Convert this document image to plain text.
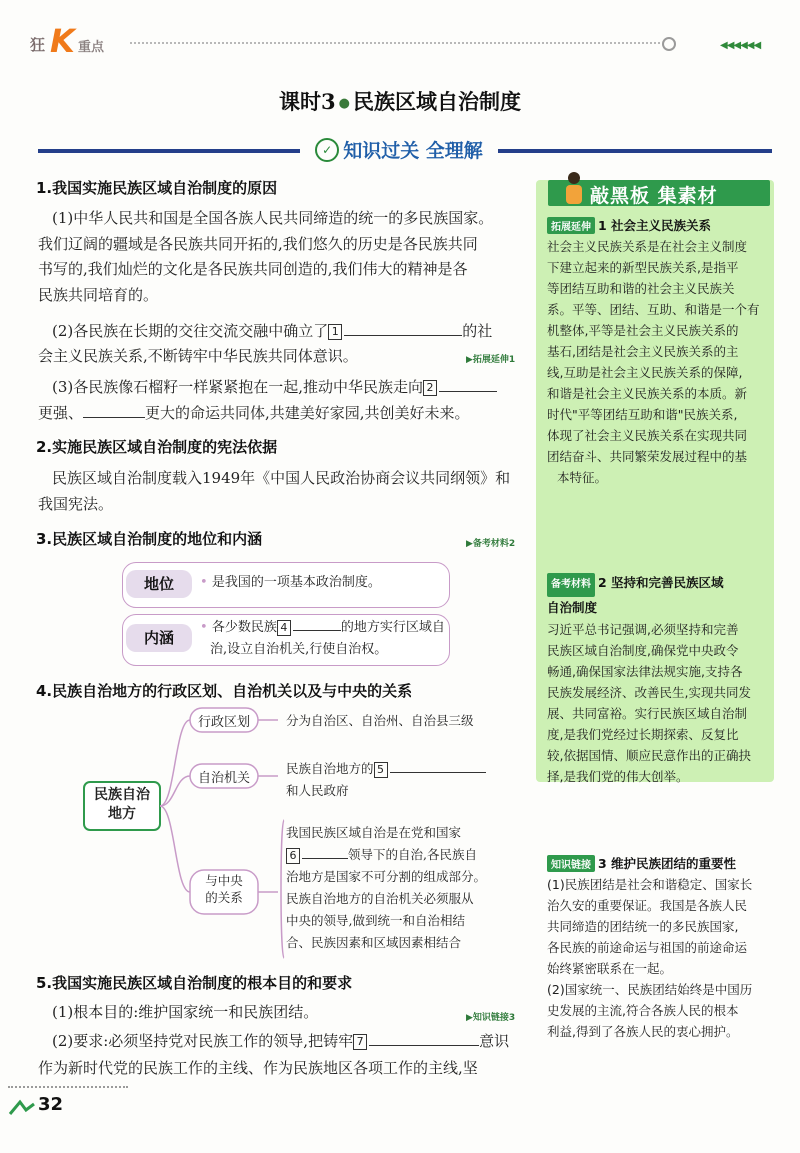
狂 K 重点	◀◀◀◀◀◀
课时3 ● 民族区域自治制度
✓ 知识过关 全理解
1.我国实施民族区域自治制度的原因
(1)中华人民共和国是全国各族人民共同缔造的统一的多民族国家。
我们辽阔的疆域是各民族共同开拓的,我们悠久的历史是各民族共同
书写的,我们灿烂的文化是各民族共同创造的,我们伟大的精神是各
民族共同培育的。
(2)各民族在长期的交往交流交融中确立了 1	的社
会主义民族关系,不断铸牢中华民族共同体意识。	▶拓展延伸1
(3)各民族像石榴籽一样紧紧抱在一起,推动中华民族走向 2
更强、	更大的命运共同体,共建美好家园,共创美好未来。
2.实施民族区域自治制度的宪法依据
民族区域自治制度载入1949年《中国人民政治协商会议共同纲领》和
我国宪法。
3.民族区域自治制度的地位和内涵	▶备考材料2
地位	• 是我国的一项基本政治制度。
内涵
• 各少数民族 4	的地方实行区域自
治,设立自治机关,行使自治权。
4.民族自治地方的行政区划、自治机关以及与中央的关系
民族自治
地方
行政区划
自治机关
与中央
的关系
分为自治区、自治州、自治县三级
民族自治地方的 5
和人民政府
我国民族区域自治是在党和国家
6	领导下的自治,各民族自
治地方是国家不可分割的组成部分。
民族自治地方的自治机关必须服从
中央的领导,做到统一和自治相结
合、民族因素和区域因素相结合
5.我国实施民族区域自治制度的根本目的和要求
(1)根本目的:维护国家统一和民族团结。	▶知识链接3
(2)要求:必须坚持党对民族工作的领导,把铸牢 7	意识
作为新时代党的民族工作的主线、作为民族地区各项工作的主线,坚
敲黑板 集素材
拓展延伸 1 社会主义民族关系
社会主义民族关系是在社会主义制度
下建立起来的新型民族关系,是指平
等团结互助和谐的社会主义民族关
系。平等、团结、互助、和谐是一个有
机整体,平等是社会主义民族关系的
基石,团结是社会主义民族关系的主
线,互助是社会主义民族关系的保障,
和谐是社会主义民族关系的本质。新
时代"平等团结互助和谐"民族关系,
体现了社会主义民族关系在实现共同
团结奋斗、共同繁荣发展过程中的基
本特征。
备考材料 2 坚持和完善民族区域
自治制度
习近平总书记强调,必须坚持和完善
民族区域自治制度,确保党中央政令
畅通,确保国家法律法规实施,支持各
民族发展经济、改善民生,实现共同发
展、共同富裕。实行民族区域自治制
度,是我们党经过长期探索、反复比
较,依据国情、顺应民意作出的正确抉
择,是我们党的伟大创举。
知识链接 3 维护民族团结的重要性
(1)民族团结是社会和谐稳定、国家长
治久安的重要保证。我国是各族人民
共同缔造的团结统一的多民族国家,
各民族的前途命运与祖国的前途命运
始终紧密联系在一起。
(2)国家统一、民族团结始终是中国历
史发展的主流,符合各族人民的根本
利益,得到了各族人民的衷心拥护。
32
